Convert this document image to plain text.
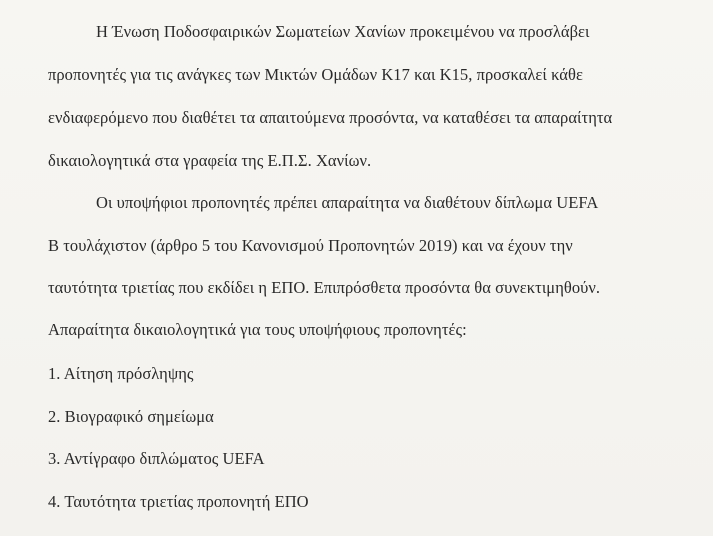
Η Ένωση Ποδοσφαιρικών Σωματείων Χανίων προκειμένου να προσλάβει
προπονητές για τις ανάγκες των Μικτών Ομάδων Κ17 και Κ15, προσκαλεί κάθε
ενδιαφερόμενο που διαθέτει τα απαιτούμενα προσόντα, να καταθέσει τα απαραίτητα
δικαιολογητικά στα γραφεία της Ε.Π.Σ. Χανίων.
Οι υποψήφιοι προπονητές πρέπει απαραίτητα να διαθέτουν δίπλωμα UEFA
Β τουλάχιστον (άρθρο 5 του Κανονισμού Προπονητών 2019) και να έχουν την
ταυτότητα τριετίας που εκδίδει η ΕΠΟ. Επιπρόσθετα προσόντα θα συνεκτιμηθούν.
Απαραίτητα δικαιολογητικά για τους υποψήφιους προπονητές:
1. Αίτηση πρόσληψης
2. Βιογραφικό σημείωμα
3. Αντίγραφο διπλώματος UEFA
4. Ταυτότητα τριετίας προπονητή ΕΠΟ
